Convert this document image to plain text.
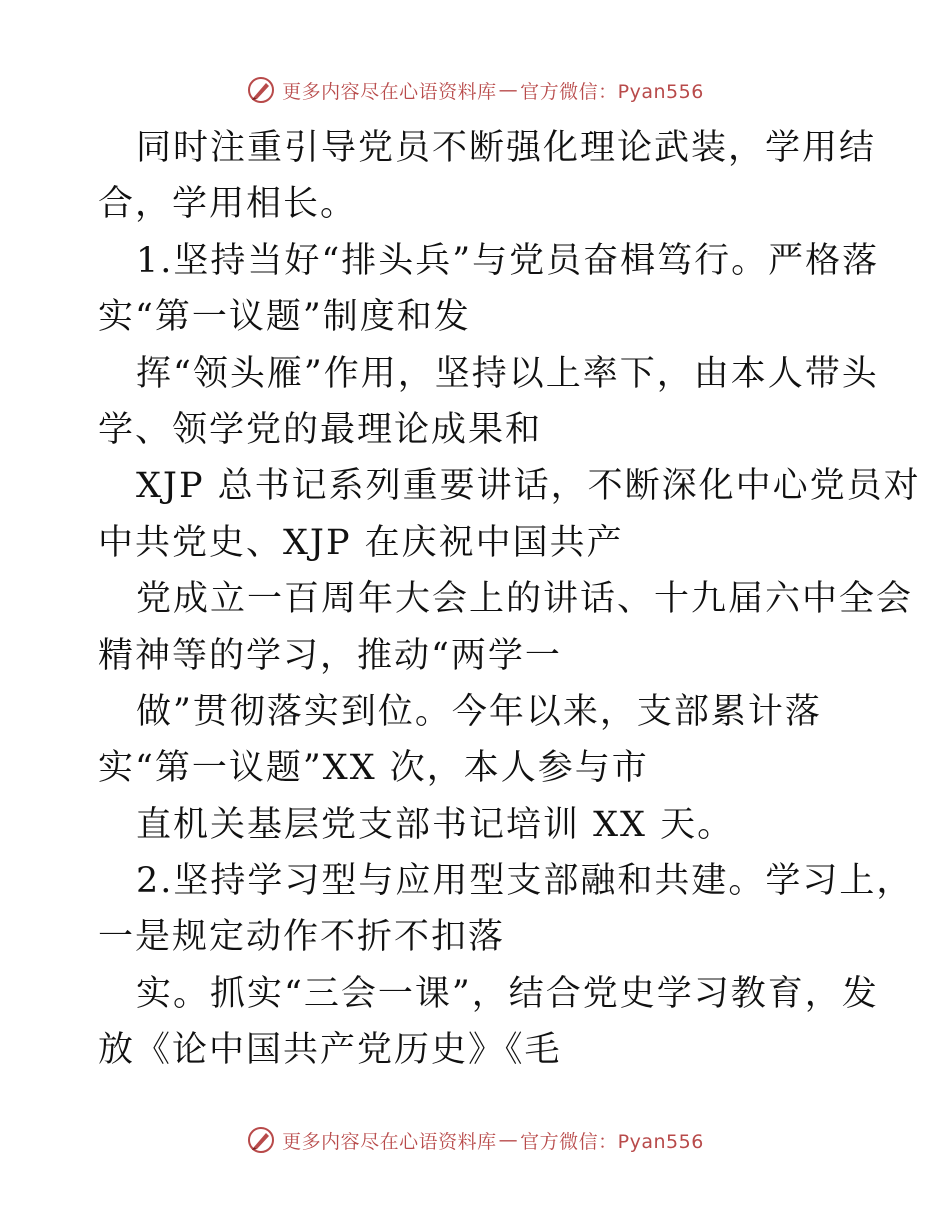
更多内容尽在心语资料库 — 官方微信：Pyan556
同时注重引导党员不断强化理论武装，学用结
合，学用相长。
1.坚持当好“排头兵”与党员奋楫笃行。严格落
实“第一议题”制度和发
挥“领头雁”作用，坚持以上率下，由本人带头
学、领学党的最理论成果和
XJP 总书记系列重要讲话，不断深化中心党员对
中共党史、XJP 在庆祝中国共产
党成立一百周年大会上的讲话、十九届六中全会
精神等的学习，推动“两学一
做”贯彻落实到位。今年以来，支部累计落
实“第一议题”XX 次，本人参与市
直机关基层党支部书记培训 XX 天。
2.坚持学习型与应用型支部融和共建。学习上，
一是规定动作不折不扣落
实。抓实“三会一课”，结合党史学习教育，发
放《论中国共产党历史》《毛
更多内容尽在心语资料库 — 官方微信：Pyan556
